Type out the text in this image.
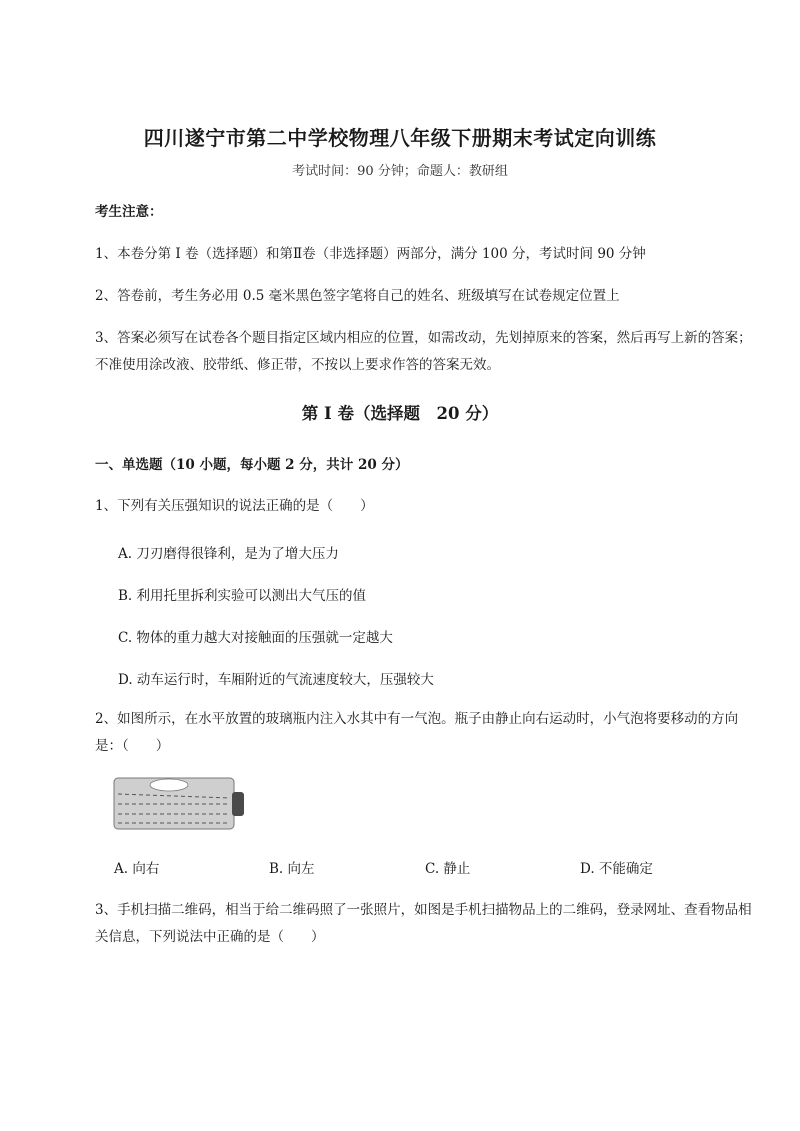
四川遂宁市第二中学校物理八年级下册期末考试定向训练
考试时间：90 分钟；命题人：教研组
考生注意：
1、本卷分第 I 卷（选择题）和第Ⅱ卷（非选择题）两部分，满分 100 分，考试时间 90 分钟
2、答卷前，考生务必用 0.5 毫米黑色签字笔将自己的姓名、班级填写在试卷规定位置上
3、答案必须写在试卷各个题目指定区域内相应的位置，如需改动，先划掉原来的答案，然后再写上新的答案；不准使用涂改液、胶带纸、修正带，不按以上要求作答的答案无效。
第 I 卷（选择题　20 分）
一、单选题（10 小题，每小题 2 分，共计 20 分）
1、下列有关压强知识的说法正确的是（　　）
A. 刀刃磨得很锋利，是为了增大压力
B. 利用托里拆利实验可以测出大气压的值
C. 物体的重力越大对接触面的压强就一定越大
D. 动车运行时，车厢附近的气流速度较大，压强较大
2、如图所示，在水平放置的玻璃瓶内注入水其中有一气泡。瓶子由静止向右运动时，小气泡将要移动的方向是：（　　）
A. 向右	B. 向左	C. 静止	D. 不能确定
3、手机扫描二维码，相当于给二维码照了一张照片，如图是手机扫描物品上的二维码，登录网址、查看物品相关信息，下列说法中正确的是（　　）
